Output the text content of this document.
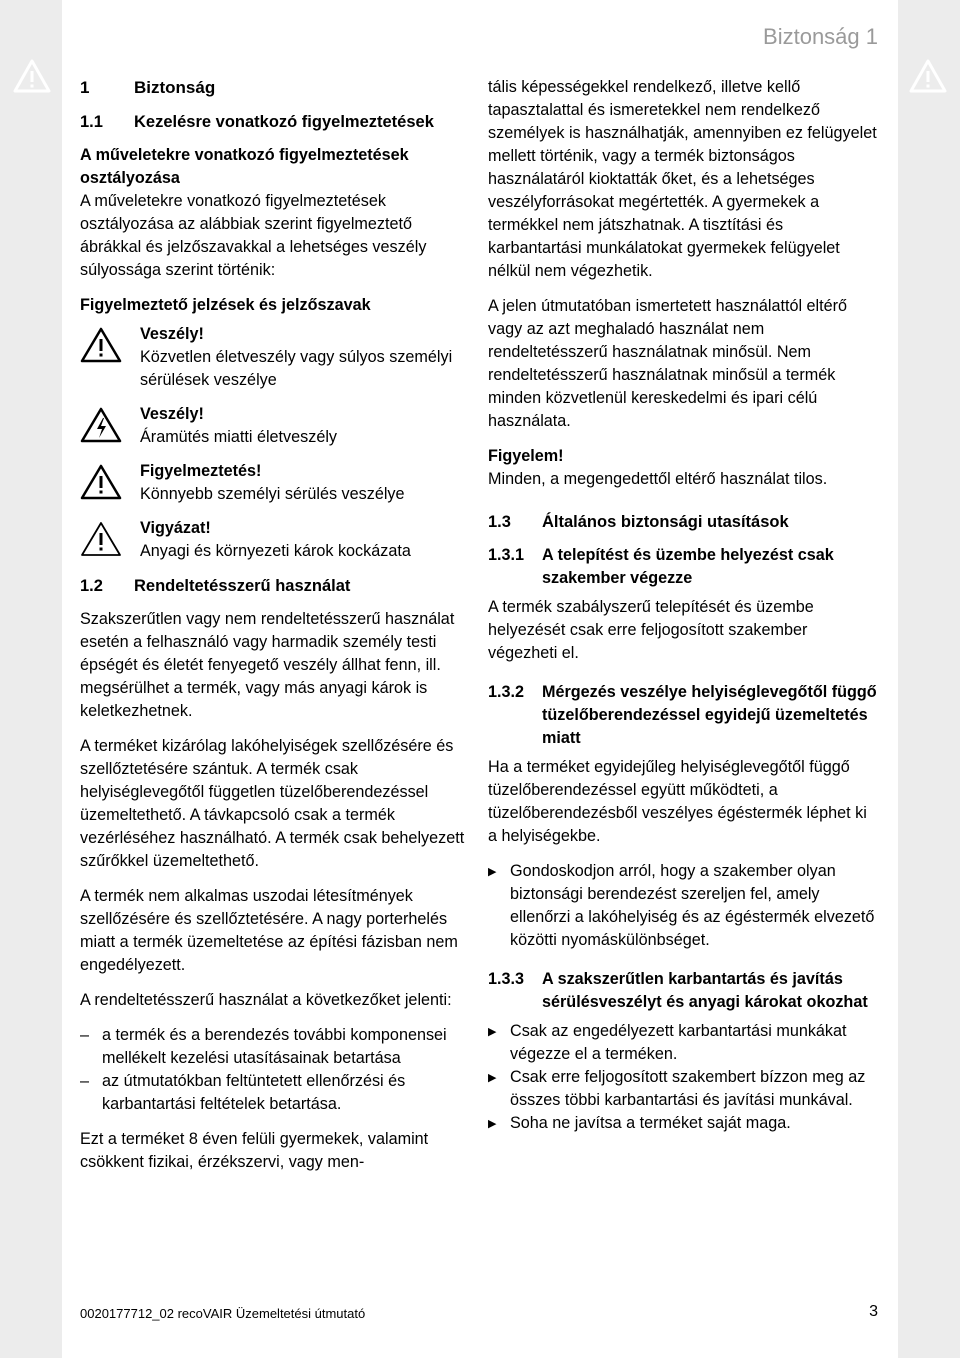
Biztonság 1
1	Biztonság
1.1	Kezelésre vonatkozó figyelmeztetések
A műveletekre vonatkozó figyelmeztetések osztályozása

A műveletekre vonatkozó figyelmeztetések osztályozása az alábbiak szerint figyelmeztető ábrákkal és jelzőszavakkal a lehetséges veszély súlyossága szerint történik:

Figyelmeztető jelzések és jelzőszavak
Veszély!
Közvetlen életveszély vagy súlyos személyi sérülések veszélye
Veszély!
Áramütés miatti életveszély
Figyelmeztetés!
Könnyebb személyi sérülés veszélye
Vigyázat!
Anyagi és környezeti károk kockázata
1.2	Rendeltetésszerű használat

Szakszerűtlen vagy nem rendeltetésszerű használat esetén a felhasználó vagy harmadik személy testi épségét és életét fenyegető veszély állhat fenn, ill. megsérülhet a termék, vagy más anyagi károk is keletkezhetnek.

A terméket kizárólag lakóhelyiségek szellőzésére és szellőztetésére szántuk. A termék csak helyiséglevegőtől független tüzelőberendezéssel üzemeltethető. A távkapcsoló csak a termék vezérléséhez használható. A termék csak behelyezett szűrőkkel üzemeltethető.

A termék nem alkalmas uszodai létesítmények szellőzésére és szellőztetésére. A nagy porterhelés miatt a termék üzemeltetése az építési fázisban nem engedélyezett.

A rendeltetésszerű használat a következőket jelenti:

– a termék és a berendezés további komponensei mellékelt kezelési utasításainak betartása
– az útmutatókban feltüntetett ellenőrzési és karbantartási feltételek betartása.

Ezt a terméket 8 éven felüli gyermekek, valamint csökkent fizikai, érzékszervi, vagy men-

tális képességekkel rendelkező, illetve kellő tapasztalattal és ismeretekkel nem rendelkező személyek is használhatják, amennyiben ez felügyelet mellett történik, vagy a termék biztonságos használatáról kioktatták őket, és a lehetséges veszélyforrásokat megértették. A gyermekek a termékkel nem játszhatnak. A tisztítási és karbantartási munkálatokat gyermekek felügyelet nélkül nem végezhetik.

A jelen útmutatóban ismertetett használattól eltérő vagy az azt meghaladó használat nem rendeltetésszerű használatnak minősül. Nem rendeltetésszerű használatnak minősül a termék minden közvetlenül kereskedelmi és ipari célú használata.

Figyelem!

Minden, a megengedettől eltérő használat tilos.

1.3	Általános biztonsági utasítások
1.3.1	A telepítést és üzembe helyezést csak szakember végezze

A termék szabályszerű telepítését és üzembe helyezését csak erre feljogosított szakember végezheti el.

1.3.2	Mérgezés veszélye helyiséglevegőtől függő tüzelőberendezéssel egyidejű üzemeltetés miatt

Ha a terméket egyidejűleg helyiséglevegőtől függő tüzelőberendezéssel együtt működteti, a tüzelőberendezésből veszélyes égéstermék léphet ki a helyiségekbe.

▶ Gondoskodjon arról, hogy a szakember olyan biztonsági berendezést szereljen fel, amely ellenőrzi a lakóhelyiség és az égéstermék elvezető közötti nyomáskülönbséget.
1.3.3	A szakszerűtlen karbantartás és javítás sérülésveszélyt és anyagi károkat okozhat
▶ Csak az engedélyezett karbantartási munkákat végezze el a terméken.
▶ Csak erre feljogosított szakembert bízzon meg az összes többi karbantartási és javítási munkával.
▶ Soha ne javítsa a terméket saját maga.
0020177712_02 recoVAIR Üzemeltetési útmutató	3
